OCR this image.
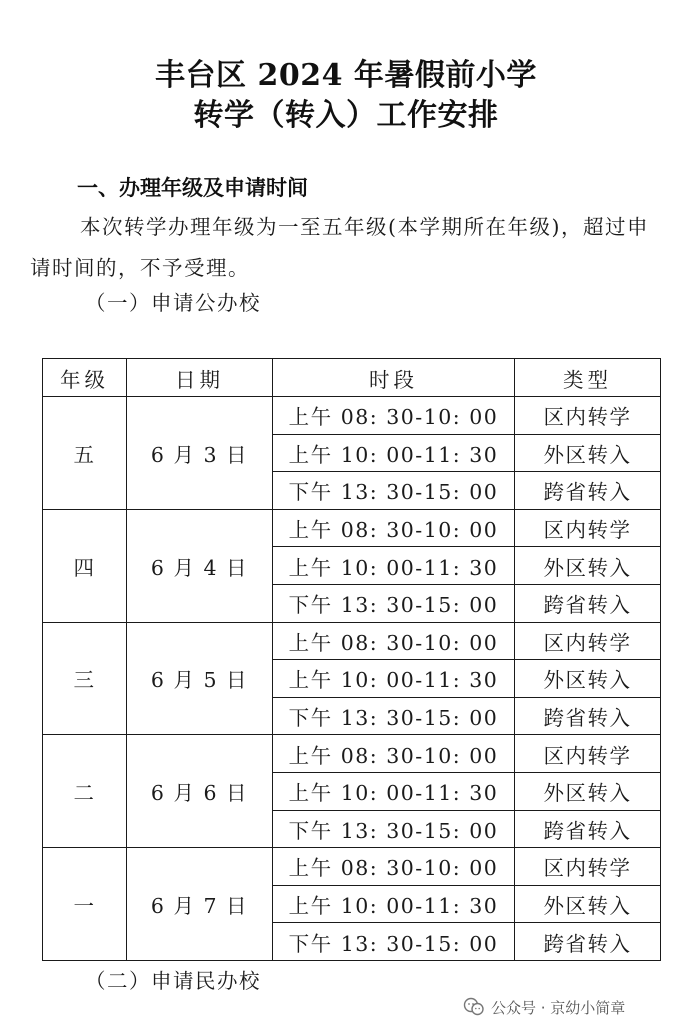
丰台区 2024 年暑假前小学
转学（转入）工作安排
一、办理年级及申请时间
本次转学办理年级为一至五年级(本学期所在年级)，超过申
请时间的，不予受理。
（一）申请公办校
年级	日期	时段	类型
五	6 月 3 日	上午 08: 30-10: 00	区内转学
		上午 10: 00-11: 30	外区转入
		下午 13: 30-15: 00	跨省转入
四	6 月 4 日	上午 08: 30-10: 00	区内转学
		上午 10: 00-11: 30	外区转入
		下午 13: 30-15: 00	跨省转入
三	6 月 5 日	上午 08: 30-10: 00	区内转学
		上午 10: 00-11: 30	外区转入
		下午 13: 30-15: 00	跨省转入
二	6 月 6 日	上午 08: 30-10: 00	区内转学
		上午 10: 00-11: 30	外区转入
		下午 13: 30-15: 00	跨省转入
一	6 月 7 日	上午 08: 30-10: 00	区内转学
		上午 10: 00-11: 30	外区转入
		下午 13: 30-15: 00	跨省转入
（二）申请民办校
公众号 · 京幼小简章
